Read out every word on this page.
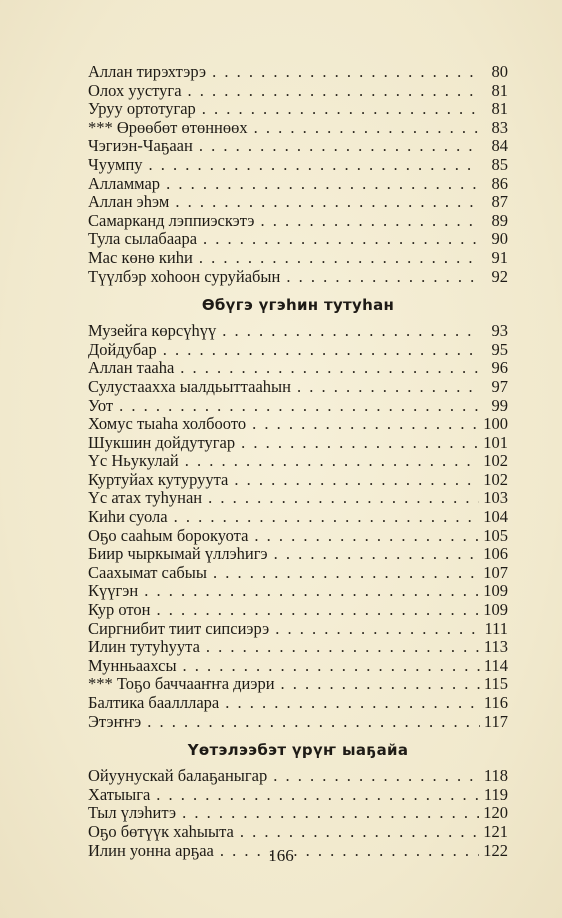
Аллан тирэхтэрэ . . .	80
Олох уустуга . . .	81
Уруу ортотугар . . .	81
*** Өрөөбөт өтөннөөх . . .	83
Чэгиэн-Чаҕаан . . .	84
Чуумпу . . .	85
Алламмар . . .	86
Аллан эһэм . . .	87
Самарканд лэппиэскэтэ . . .	89
Тула сылабаара . . .	90
Мас көнө киһи . . .	91
Түүлбэр хоһоон суруйабын . . .	92
Өбүгэ үгэһин тутуһан
Музейга көрсүһүү . . .	93
Дойдубар . . .	95
Аллан тааһа . . .	96
Сулустаахха ыалдьыттааһын . . .	97
Уот . . .	99
Хомус тыаһа холбоото . . .	100
Шукшин дойдутугар . . .	101
Үс Ньукулай . . .	102
Куртуйах кутуруута . . .	102
Үс атах туһунан . . .	103
Киһи суола . . .	104
Оҕо сааһым борокуота . . .	105
Биир чыркымай үллэһигэ . . .	106
Саахымат сабыы . . .	107
Күүгэн . . .	109
Кур отон . . .	109
Сиргнибит тиит сипсиэрэ . . .	111
Илин тутуһуута . . .	113
Мунньаахсы . . .	114
*** Тоҕо баччааҥҥа диэри . . .	115
Балтика баалллара . . .	116
Этэҥҥэ . . .	117
Үөтэлээбэт үрүҥ ыаҕайа
Ойуунускай балаҕаныгар . . .	118
Хатыыга . . .	119
Тыл үлэһитэ . . .	120
Оҕо бөтүүк хаһыыта . . .	121
Илин уонна арҕаа . . .	122
166
